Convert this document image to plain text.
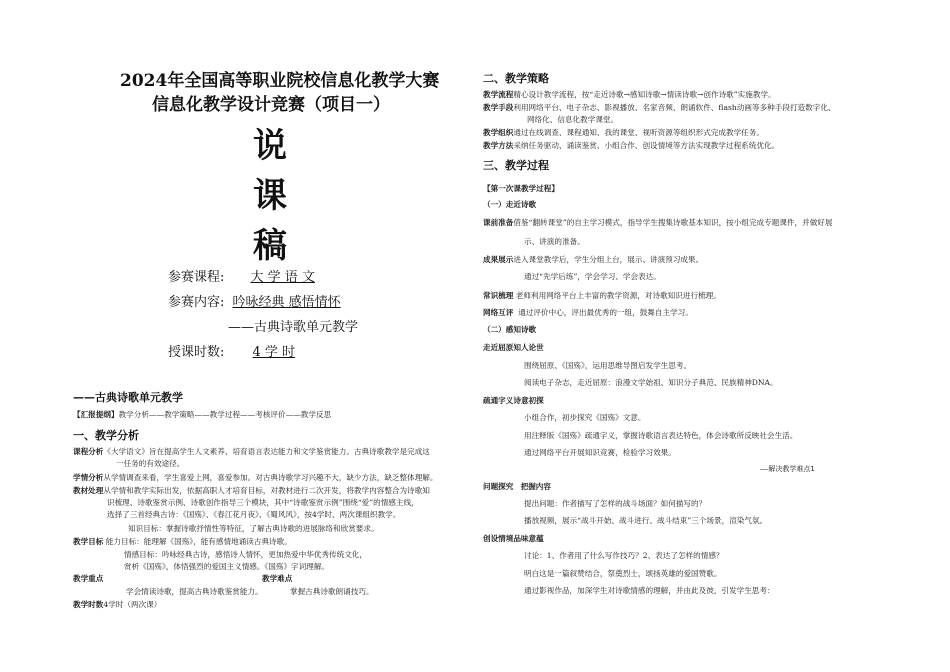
2024年全国高等职业院校信息化教学大赛
信息化教学设计竞赛（项目一）
说
课
稿
参赛课程: 大 学 语 文
参赛内容: 吟咏经典 感悟情怀
——古典诗歌单元教学
授课时数: 4 学 时
——古典诗歌单元教学
【汇报提纲】教学分析——教学策略——教学过程——考核评价——教学反思
一、教学分析
课程分析《大学语文》旨在提高学生人文素养、培育语言表达能力和文学鉴赏能力。古典诗歌教学是完成这
一任务的有效途径。
学情分析从学情调查来看，学生喜爱上网，喜爱参加。对古典诗歌学习兴趣不大，缺少方法，缺乏整体理解。
教材处理从学情和教学实际出发，依据高职人才培育目标，对教材进行二次开发，将教学内容整合为诗歌知
识梳理、诗歌鉴赏示例、诗歌创作指导三个模块，其中“诗歌鉴赏示例”围绕“爱”的情感主线，
选择了三首经典古诗：《国殇》、《春江花月夜》、《蜀风风》，按4学时、两次课组织教学。
知识目标：掌握诗歌抒情性等特征，了解古典诗歌的进展脉络和欣赏要求。
教学目标 能力目标：能理解《国殇》，能有感情地诵读古典诗歌。
情感目标：吟咏经典古诗，感悟诗人情怀，更加热爱中华优秀传统文化，
赏析《国殇》，体悟强烈的爱国主义情感。《国殇》字词理解。
教学重点	教学难点
学会情读诗歌，提高古典诗歌鉴赏能力。	掌握古典诗歌朗诵技巧。
教学时数4学时（两次课）
二、教学策略
教学流程精心设计教学流程，按“走近诗歌→感知诗歌→情读诗歌→创作诗歌”实施教学。
教学手段利用网络平台、电子杂志、影视播放、名家音频、朗诵软件、flash动画等多种手段打造数字化、
网络化、信息化教学课堂。
教学组织通过在线调查、课程通知、我的课堂、视听资源等组织形式完成教学任务。
教学方法采纳任务驱动、诵读鉴赏、小组合作、创设情境等方法实现教学过程系统优化。
三、教学过程
【第一次课教学过程】
（一）走近诗歌
课前准备借鉴“翻转课堂”的自主学习模式，指导学生搜集诗歌基本知识，按小组完成专题课件，并做好展
示、讲演的准备。
成果展示进入课堂教学后，学生分组上台，展示、讲演预习成果。
通过“先学后练”，学会学习、学会表达。
常识梳理 老师利用网络平台上丰富的教学资源，对诗歌知识进行梳理。
网络互评 通过评价中心，评出最优秀的一组，鼓舞自主学习。
（二）感知诗歌
走近屈原知人论世
围绕屈原、《国殇》，运用思维导图启发学生思考。
阅读电子杂志，走近屈原：浪漫文学始祖、知识分子典范、民族精神DNA。
疏通字义诗意初探
小组合作，初步探究《国殇》文意。
用注释版《国殇》疏通字义，掌握诗歌语言表达特色，体会诗歌所反映社会生活。
通过网络平台开展知识竞赛，检验学习效果。
——解决教学难点1
问题探究 把握内容
提出问题：作者描写了怎样的战斗场面？如何描写的？
播放视频，展示“战斗开始、战斗进行、战斗结束”三个场景，渲染气氛。
创设情境品味意蕴
讨论：1、作者用了什么写作技巧？2、表达了怎样的情感？
明白这是一篇叙赞结合，祭奠烈士，颂扬英雄的爱国赞歌。
通过影视作品，加深学生对诗歌情感的理解，并由此及彼，引发学生思考：
